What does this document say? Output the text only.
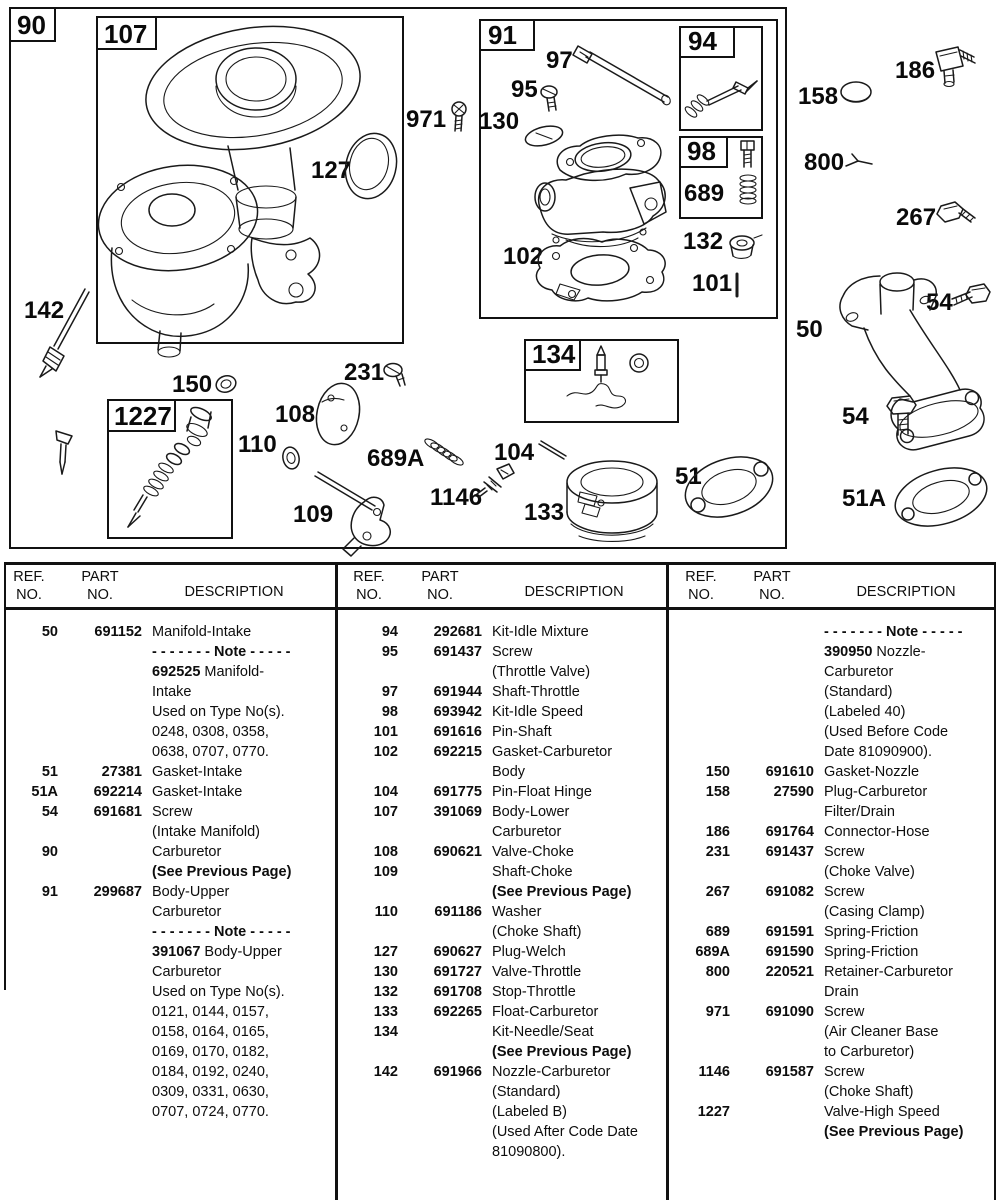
90 107
127
971
91
97
95
130
102
94
98
689
132
101
134
142
150
1227
231
108
110
689A	104
1146
109	133
51
186
158
800
267
54
50
54
51A
REF.
NO.
PART
NO.	DESCRIPTION
REF.
NO.
PART
NO.	DESCRIPTION
REF.
NO.
PART
NO.	DESCRIPTION
50	691152 Manifold-Intake
- - - - - - - Note - - - - -
692525 Manifold-
Intake
Used on Type No(s).
0248, 0308, 0358,
0638, 0707, 0770.
51	27381 Gasket-Intake
51A	692214 Gasket-Intake
54	691681 Screw
(Intake Manifold)
90	Carburetor
(See Previous Page)
91	299687 Body-Upper
Carburetor
- - - - - - - Note - - - - -
391067 Body-Upper
Carburetor
Used on Type No(s).
0121, 0144, 0157,
0158, 0164, 0165,
0169, 0170, 0182,
0184, 0192, 0240,
0309, 0331, 0630,
0707, 0724, 0770.
94	292681 Kit-Idle Mixture
95	691437 Screw
(Throttle Valve)
97	691944 Shaft-Throttle
98	693942 Kit-Idle Speed
101	691616 Pin-Shaft
102	692215 Gasket-Carburetor
Body
104	691775 Pin-Float Hinge
107	391069 Body-Lower
Carburetor
108	690621 Valve-Choke
109	Shaft-Choke
(See Previous Page)
110	691186 Washer
(Choke Shaft)
127	690627 Plug-Welch
130	691727 Valve-Throttle
132	691708 Stop-Throttle
133	692265 Float-Carburetor
134	Kit-Needle/Seat
(See Previous Page)
142	691966 Nozzle-Carburetor
(Standard)
(Labeled B)
(Used After Code Date
81090800).
- - - - - - - Note - - - - -
390950 Nozzle-
Carburetor
(Standard)
(Labeled 40)
(Used Before Code
Date 81090900).
150	691610 Gasket-Nozzle
158	27590 Plug-Carburetor
Filter/Drain
186	691764 Connector-Hose
231	691437 Screw
(Choke Valve)
267	691082 Screw
(Casing Clamp)
689	691591 Spring-Friction
689A	691590 Spring-Friction
800	220521 Retainer-Carburetor
Drain
971	691090 Screw
(Air Cleaner Base
to Carburetor)
1146	691587 Screw
(Choke Shaft)
1227	Valve-High Speed
(See Previous Page)
